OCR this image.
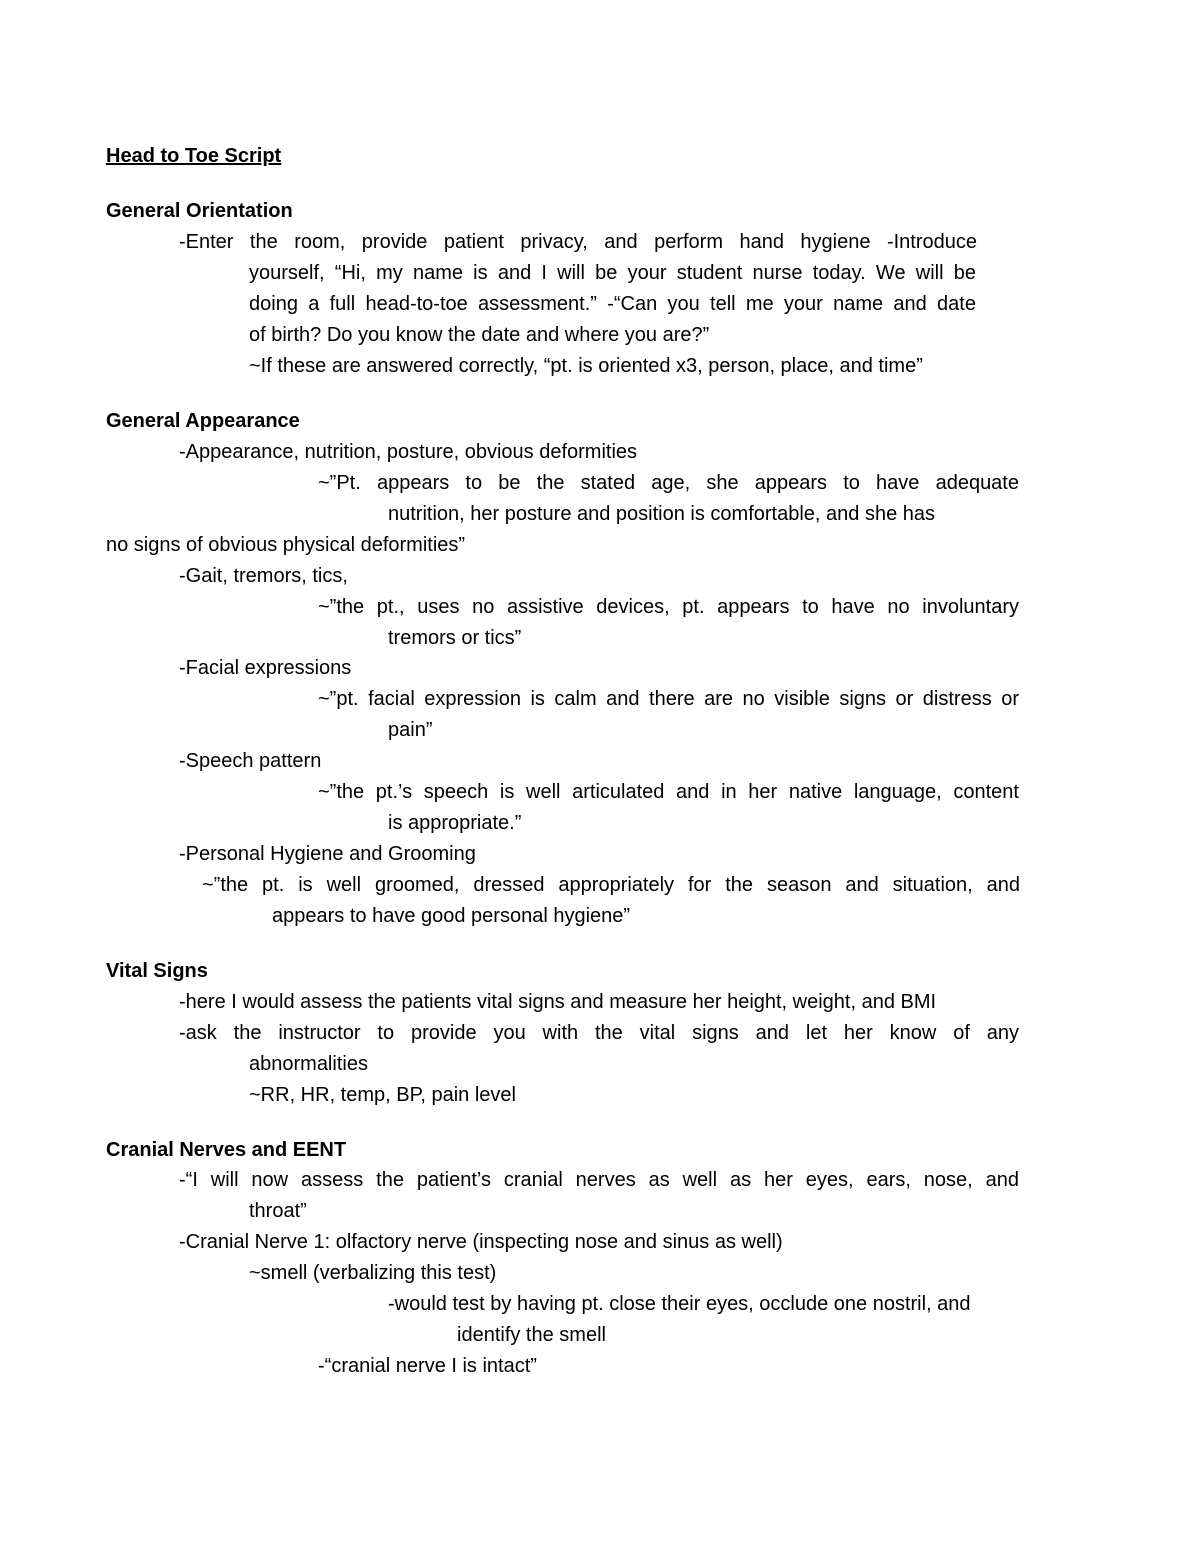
Head to Toe Script

General Orientation

-Enter the room, provide patient privacy, and perform hand hygiene -Introduce

yourself, “Hi, my name is and I will be your student nurse today. We will be

doing a full head-to-toe assessment.” -“Can you tell me your name and date

of birth? Do you know the date and where you are?”

~If these are answered correctly, “pt. is oriented x3, person, place, and time”

General Appearance

-Appearance, nutrition, posture, obvious deformities

~”Pt. appears to be the stated age, she appears to have adequate

nutrition, her posture and position is comfortable, and she has

no signs of obvious physical deformities”

-Gait, tremors, tics,

~”the pt., uses no assistive devices, pt. appears to have no involuntary

tremors or tics”

-Facial expressions

~”pt. facial expression is calm and there are no visible signs or distress or

pain”

-Speech pattern

~”the pt.’s speech is well articulated and in her native language, content

is appropriate.”

-Personal Hygiene and Grooming

~”the pt. is well groomed, dressed appropriately for the season and situation, and

appears to have good personal hygiene”

Vital Signs

-here I would assess the patients vital signs and measure her height, weight, and BMI

-ask the instructor to provide you with the vital signs and let her know of any

abnormalities

~RR, HR, temp, BP, pain level

Cranial Nerves and EENT

-“I will now assess the patient’s cranial nerves as well as her eyes, ears, nose, and

throat”

-Cranial Nerve 1: olfactory nerve (inspecting nose and sinus as well)

~smell (verbalizing this test)

-would test by having pt. close their eyes, occlude one nostril, and

identify the smell

-“cranial nerve I is intact”
